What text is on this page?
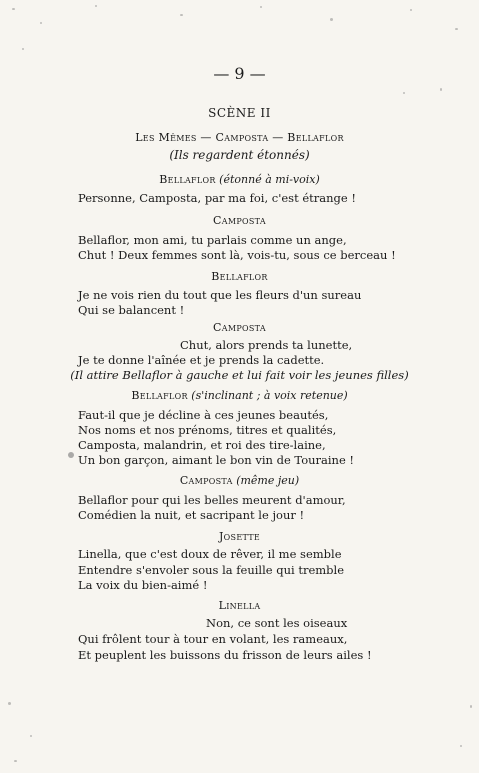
— 9 —
SCÈNE II
Les Mêmes — Camposta — Bellaflor
(Ils regardent étonnés)
Bellaflor (étonné à mi-voix)
Personne, Camposta, par ma foi, c'est étrange !
Camposta
Bellaflor, mon ami, tu parlais comme un ange,
Chut ! Deux femmes sont là, vois-tu, sous ce berceau !
Bellaflor
Je ne vois rien du tout que les fleurs d'un sureau
Qui se balancent !
Camposta
Chut, alors prends ta lunette,
Je te donne l'aînée et je prends la cadette.
(Il attire Bellaflor à gauche et lui fait voir les jeunes filles)
Bellaflor (s'inclinant ; à voix retenue)
Faut-il que je décline à ces jeunes beautés,
Nos noms et nos prénoms, titres et qualités,
Camposta, malandrin, et roi des tire-laine,
Un bon garçon, aimant le bon vin de Touraine !
Camposta (même jeu)
Bellaflor pour qui les belles meurent d'amour,
Comédien la nuit, et sacripant le jour !
Josette
Linella, que c'est doux de rêver, il me semble
Entendre s'envoler sous la feuille qui tremble
La voix du bien-aimé !
Linella
Non, ce sont les oiseaux
Qui frôlent tour à tour en volant, les rameaux,
Et peuplent les buissons du frisson de leurs ailes !
